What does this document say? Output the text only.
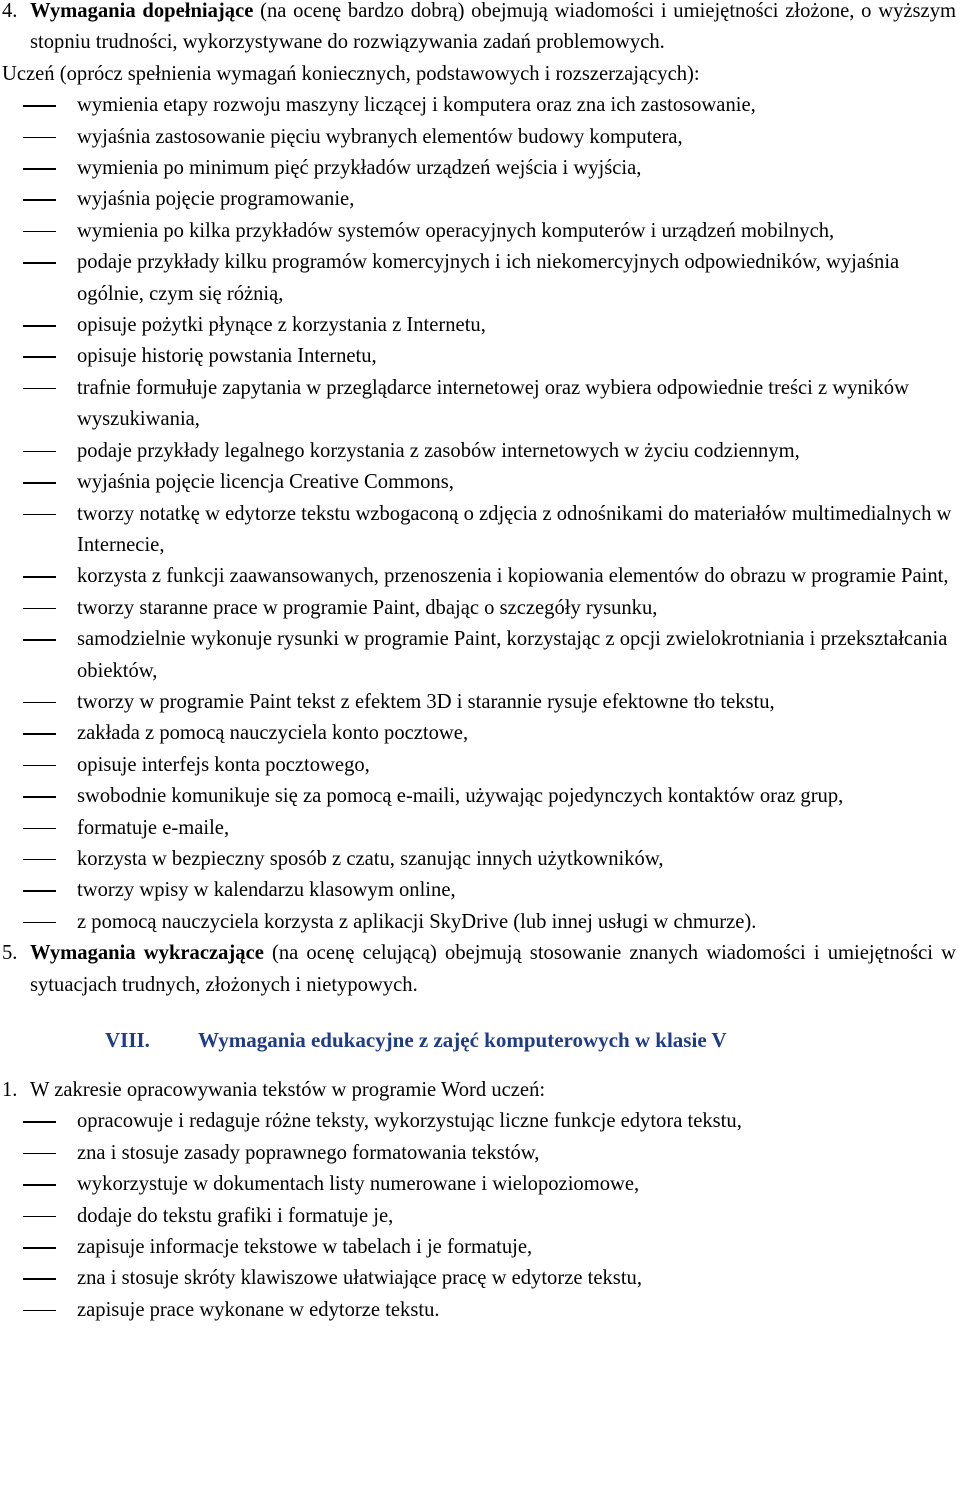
4. Wymagania dopełniające (na ocenę bardzo dobrą) obejmują wiadomości i umiejętności złożone, o wyższym stopniu trudności, wykorzystywane do rozwiązywania zadań problemowych.

Uczeń (oprócz spełnienia wymagań koniecznych, podstawowych i rozszerzających):

wymienia etapy rozwoju maszyny liczącej i komputera oraz zna ich zastosowanie,
wyjaśnia zastosowanie pięciu wybranych elementów budowy komputera,
wymienia po minimum pięć przykładów urządzeń wejścia i wyjścia,
wyjaśnia pojęcie programowanie,
wymienia po kilka przykładów systemów operacyjnych komputerów i urządzeń mobilnych,
podaje przykłady kilku programów komercyjnych i ich niekomercyjnych odpowiedników, wyjaśnia ogólnie, czym się różnią,
opisuje pożytki płynące z korzystania z Internetu,
opisuje historię powstania Internetu,
trafnie formułuje zapytania w przeglądarce internetowej oraz wybiera odpowiednie treści z wyników wyszukiwania,
podaje przykłady legalnego korzystania z zasobów internetowych w życiu codziennym,
wyjaśnia pojęcie licencja Creative Commons,
tworzy notatkę w edytorze tekstu wzbogaconą o zdjęcia z odnośnikami do materiałów multimedialnych w Internecie,
korzysta z funkcji zaawansowanych, przenoszenia i kopiowania elementów do obrazu w programie Paint,
tworzy staranne prace w programie Paint, dbając o szczegóły rysunku,
samodzielnie wykonuje rysunki w programie Paint, korzystając z opcji zwielokrotniania i przekształcania obiektów,
tworzy w programie Paint tekst z efektem 3D i starannie rysuje efektowne tło tekstu,
zakłada z pomocą nauczyciela konto pocztowe,
opisuje interfejs konta pocztowego,
swobodnie komunikuje się za pomocą e-maili, używając pojedynczych kontaktów oraz grup,
formatuje e-maile,
korzysta w bezpieczny sposób z czatu, szanując innych użytkowników,
tworzy wpisy w kalendarzu klasowym online,
z pomocą nauczyciela korzysta z aplikacji SkyDrive (lub innej usługi w chmurze).

5. Wymagania wykraczające (na ocenę celującą) obejmują stosowanie znanych wiadomości i umiejętności w sytuacjach trudnych, złożonych i nietypowych.

VIII. Wymagania edukacyjne z zajęć komputerowych w klasie V

1. W zakresie opracowywania tekstów w programie Word uczeń:

opracowuje i redaguje różne teksty, wykorzystując liczne funkcje edytora tekstu,
zna i stosuje zasady poprawnego formatowania tekstów,
wykorzystuje w dokumentach listy numerowane i wielopoziomowe,
dodaje do tekstu grafiki i formatuje je,
zapisuje informacje tekstowe w tabelach i je formatuje,
zna i stosuje skróty klawiszowe ułatwiające pracę w edytorze tekstu,
zapisuje prace wykonane w edytorze tekstu.
